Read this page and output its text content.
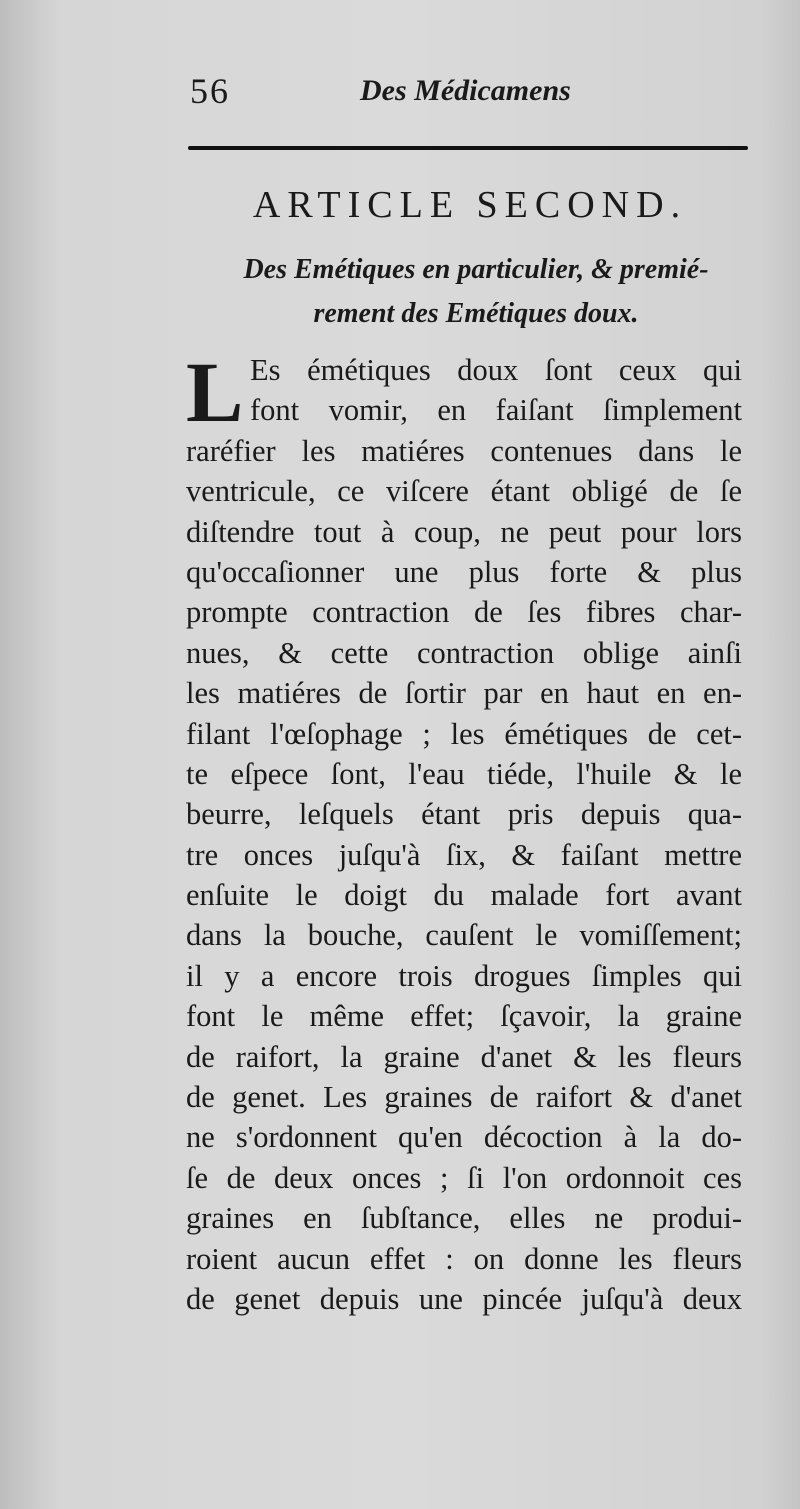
56	Des Médicamens
ARTICLE SECOND.
Des Emétiques en particulier, & premié-
rement des Emétiques doux.
L Es émétiques doux ſont ceux qui
font vomir, en faiſant ſimplement
raréfier les matiéres contenues dans le
ventricule, ce viſcere étant obligé de ſe
diſtendre tout à coup, ne peut pour lors
qu'occaſionner une plus forte & plus
prompte contraction de ſes fibres char-
nues, & cette contraction oblige ainſi
les matiéres de ſortir par en haut en en-
filant l'œſophage ; les émétiques de cet-
te eſpece ſont, l'eau tiéde, l'huile & le
beurre, leſquels étant pris depuis qua-
tre onces juſqu'à ſix, & faiſant mettre
enſuite le doigt du malade fort avant
dans la bouche, cauſent le vomiſſement;
il y a encore trois drogues ſimples qui
font le même effet; ſçavoir, la graine
de raifort, la graine d'anet & les fleurs
de genet. Les graines de raifort & d'anet
ne s'ordonnent qu'en décoction à la do-
ſe de deux onces ; ſi l'on ordonnoit ces
graines en ſubſtance, elles ne produi-
roient aucun effet : on donne les fleurs
de genet depuis une pincée juſqu'à deux
